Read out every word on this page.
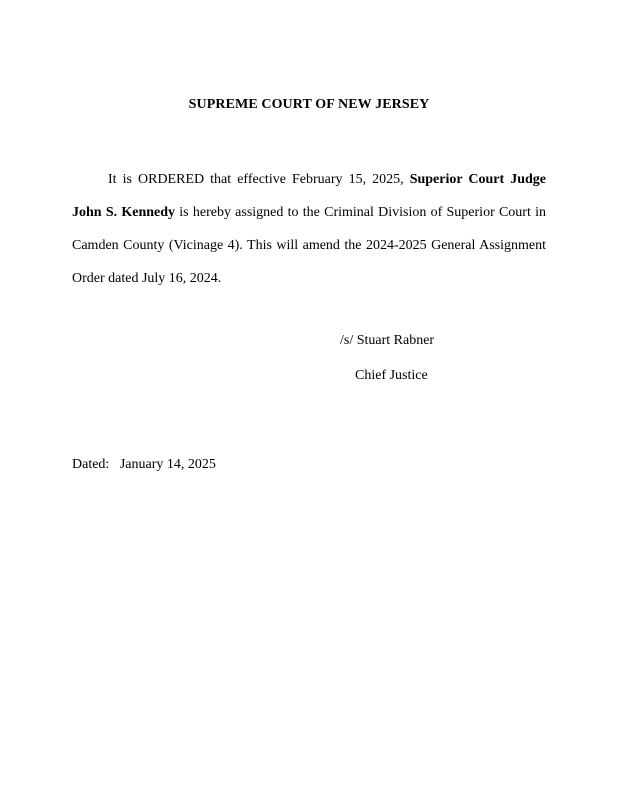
SUPREME COURT OF NEW JERSEY
It is ORDERED that effective February 15, 2025, Superior Court Judge
John S. Kennedy is hereby assigned to the Criminal Division of Superior Court in
Camden County (Vicinage 4). This will amend the 2024-2025 General Assignment
Order dated July 16, 2024.
/s/ Stuart Rabner
Chief Justice
Dated:   January 14, 2025
